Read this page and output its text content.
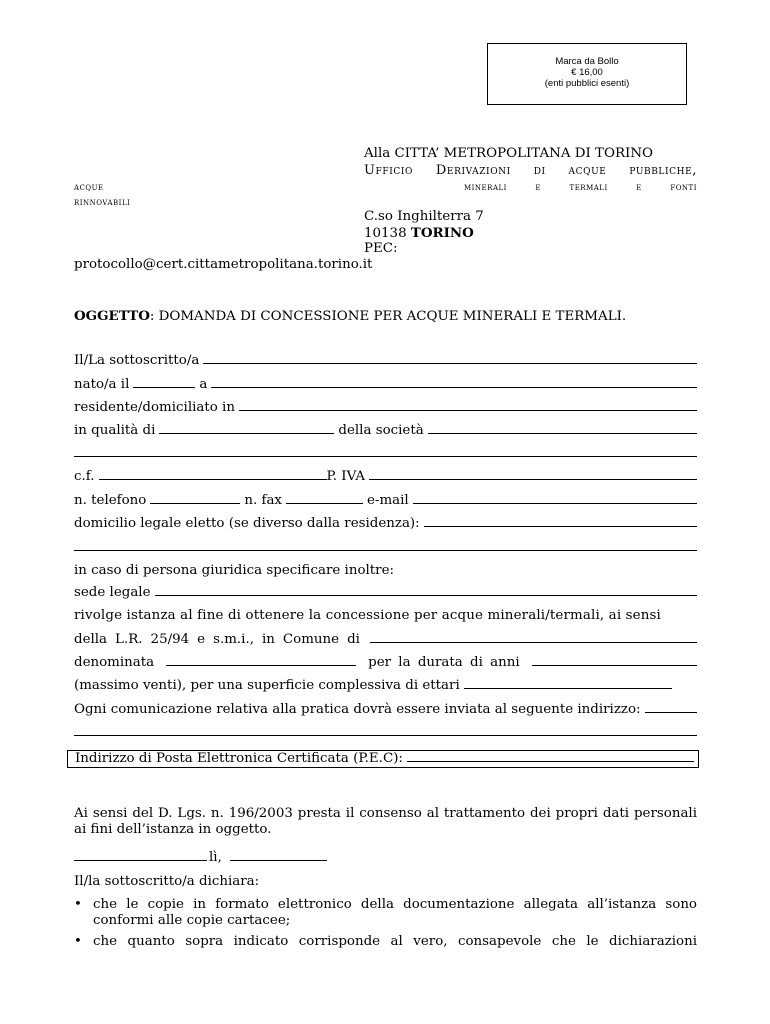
Marca da Bollo
€ 16,00
(enti pubblici esenti)
Alla CITTA’ METROPOLITANA DI TORINO
Ufficio Derivazioni di acque pubbliche,
minerali e termali e fonti
acque
rinnovabili
C.so Inghilterra 7
10138 TORINO
PEC:
protocollo@cert.cittametropolitana.torino.it
OGGETTO: DOMANDA DI CONCESSIONE PER ACQUE MINERALI E TERMALI.
Il/La sottoscritto/a
nato/a il	a
residente/domiciliato in
in qualità di	della società
c.f.	P. IVA
n. telefono	n. fax	e-mail
domicilio legale eletto (se diverso dalla residenza):
in caso di persona giuridica specificare inoltre:
sede legale
rivolge istanza al fine di ottenere la concessione per acque minerali/termali, ai sensi
della L.R. 25/94 e s.m.i., in Comune di
denominata	per la durata di anni
(massimo venti), per una superficie complessiva di ettari
Ogni comunicazione relativa alla pratica dovrà essere inviata al seguente indirizzo:
Indirizzo di Posta Elettronica Certificata (P.E.C):
Ai sensi del D. Lgs. n. 196/2003 presta il consenso al trattamento dei propri dati personali ai fini dell’istanza in oggetto.
lì,
Il/la sottoscritto/a dichiara:
• che le copie in formato elettronico della documentazione allegata all’istanza sono conformi alle copie cartacee;
• che quanto sopra indicato corrisponde al vero, consapevole che le dichiarazioni
